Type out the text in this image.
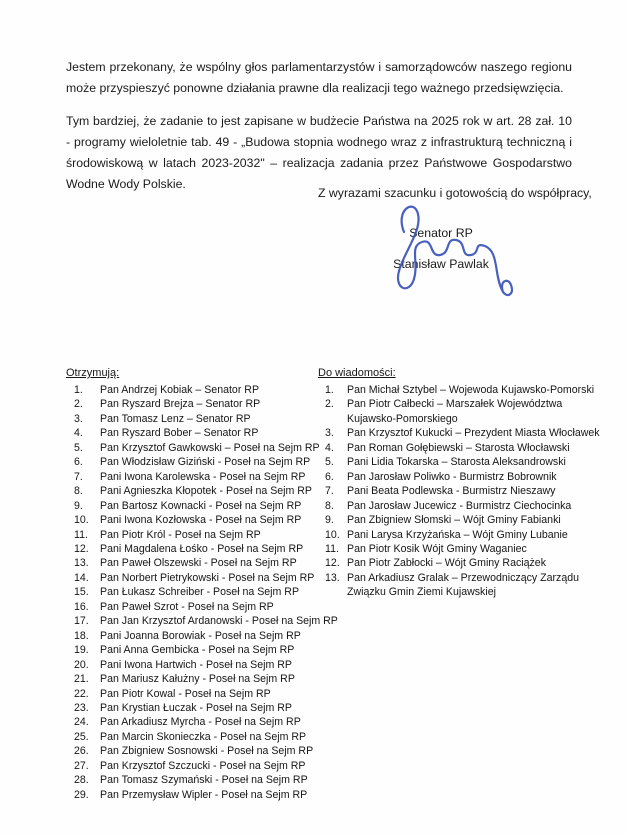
Jestem przekonany, że wspólny głos parlamentarzystów i samorządowców naszego regionu może przyspieszyć ponowne działania prawne dla realizacji tego ważnego przedsięwzięcia.

Tym bardziej, że zadanie to jest zapisane w budżecie Państwa na 2025 rok w art. 28 zał. 10 - programy wieloletnie tab. 49 - „Budowa stopnia wodnego wraz z infrastrukturą techniczną i środowiskową w latach 2023-2032" – realizacja zadania przez Państwowe Gospodarstwo Wodne Wody Polskie.

Z wyrazami szacunku i gotowością do współpracy,
Senator RP
Stanisław Pawlak
Otrzymują:
1.	Pan Andrzej Kobiak – Senator RP
2.	Pan Ryszard Brejza – Senator RP
3.	Pan Tomasz Lenz – Senator RP
4.	Pan Ryszard Bober – Senator RP
5.	Pan Krzysztof Gawkowski – Poseł na Sejm RP
6.	Pan Włodzisław Giziński - Poseł na Sejm RP
7.	Pani Iwona Karolewska - Poseł na Sejm RP
8.	Pani Agnieszka Kłopotek - Poseł na Sejm RP
9.	Pan Bartosz Kownacki - Poseł na Sejm RP
10.	Pani Iwona Kozłowska - Poseł na Sejm RP
11.	Pan Piotr Król - Poseł na Sejm RP
12.	Pani Magdalena Łośko - Poseł na Sejm RP
13.	Pan Paweł Olszewski - Poseł na Sejm RP
14.	Pan Norbert Pietrykowski - Poseł na Sejm RP
15.	Pan Łukasz Schreiber - Poseł na Sejm RP
16.	Pan Paweł Szrot - Poseł na Sejm RP
17.	Pan Jan Krzysztof Ardanowski - Poseł na Sejm RP
18.	Pani Joanna Borowiak - Poseł na Sejm RP
19.	Pani Anna Gembicka - Poseł na Sejm RP
20.	Pani Iwona Hartwich - Poseł na Sejm RP
21.	Pan Mariusz Kałużny - Poseł na Sejm RP
22.	Pan Piotr Kowal - Poseł na Sejm RP
23.	Pan Krystian Łuczak - Poseł na Sejm RP
24.	Pan Arkadiusz Myrcha - Poseł na Sejm RP
25.	Pan Marcin Skonieczka - Poseł na Sejm RP
26.	Pan Zbigniew Sosnowski - Poseł na Sejm RP
27.	Pan Krzysztof Szczucki - Poseł na Sejm RP
28.	Pan Tomasz Szymański - Poseł na Sejm RP
29.	Pan Przemysław Wipler - Poseł na Sejm RP
Do wiadomości:
1.	Pan Michał Sztybel – Wojewoda Kujawsko-Pomorski
2.	Pan Piotr Całbecki – Marszałek Województwa Kujawsko-Pomorskiego
3.	Pan Krzysztof Kukucki – Prezydent Miasta Włocławek
4.	Pan Roman Gołębiewski – Starosta Włocławski
5.	Pani Lidia Tokarska – Starosta Aleksandrowski
6.	Pan Jarosław Poliwko - Burmistrz Bobrownik
7.	Pani Beata Podlewska - Burmistrz Nieszawy
8.	Pan Jarosław Jucewicz - Burmistrz Ciechocinka
9.	Pan Zbigniew Słomski – Wójt Gminy Fabianki
10. Pani Larysa Krzyżańska – Wójt Gminy Lubanie
11. Pan Piotr Kosik Wójt Gminy Waganiec
12. Pan Piotr Zabłocki – Wójt Gminy Raciążek
13. Pan Arkadiusz Gralak – Przewodniczący Zarządu Związku Gmin Ziemi Kujawskiej
